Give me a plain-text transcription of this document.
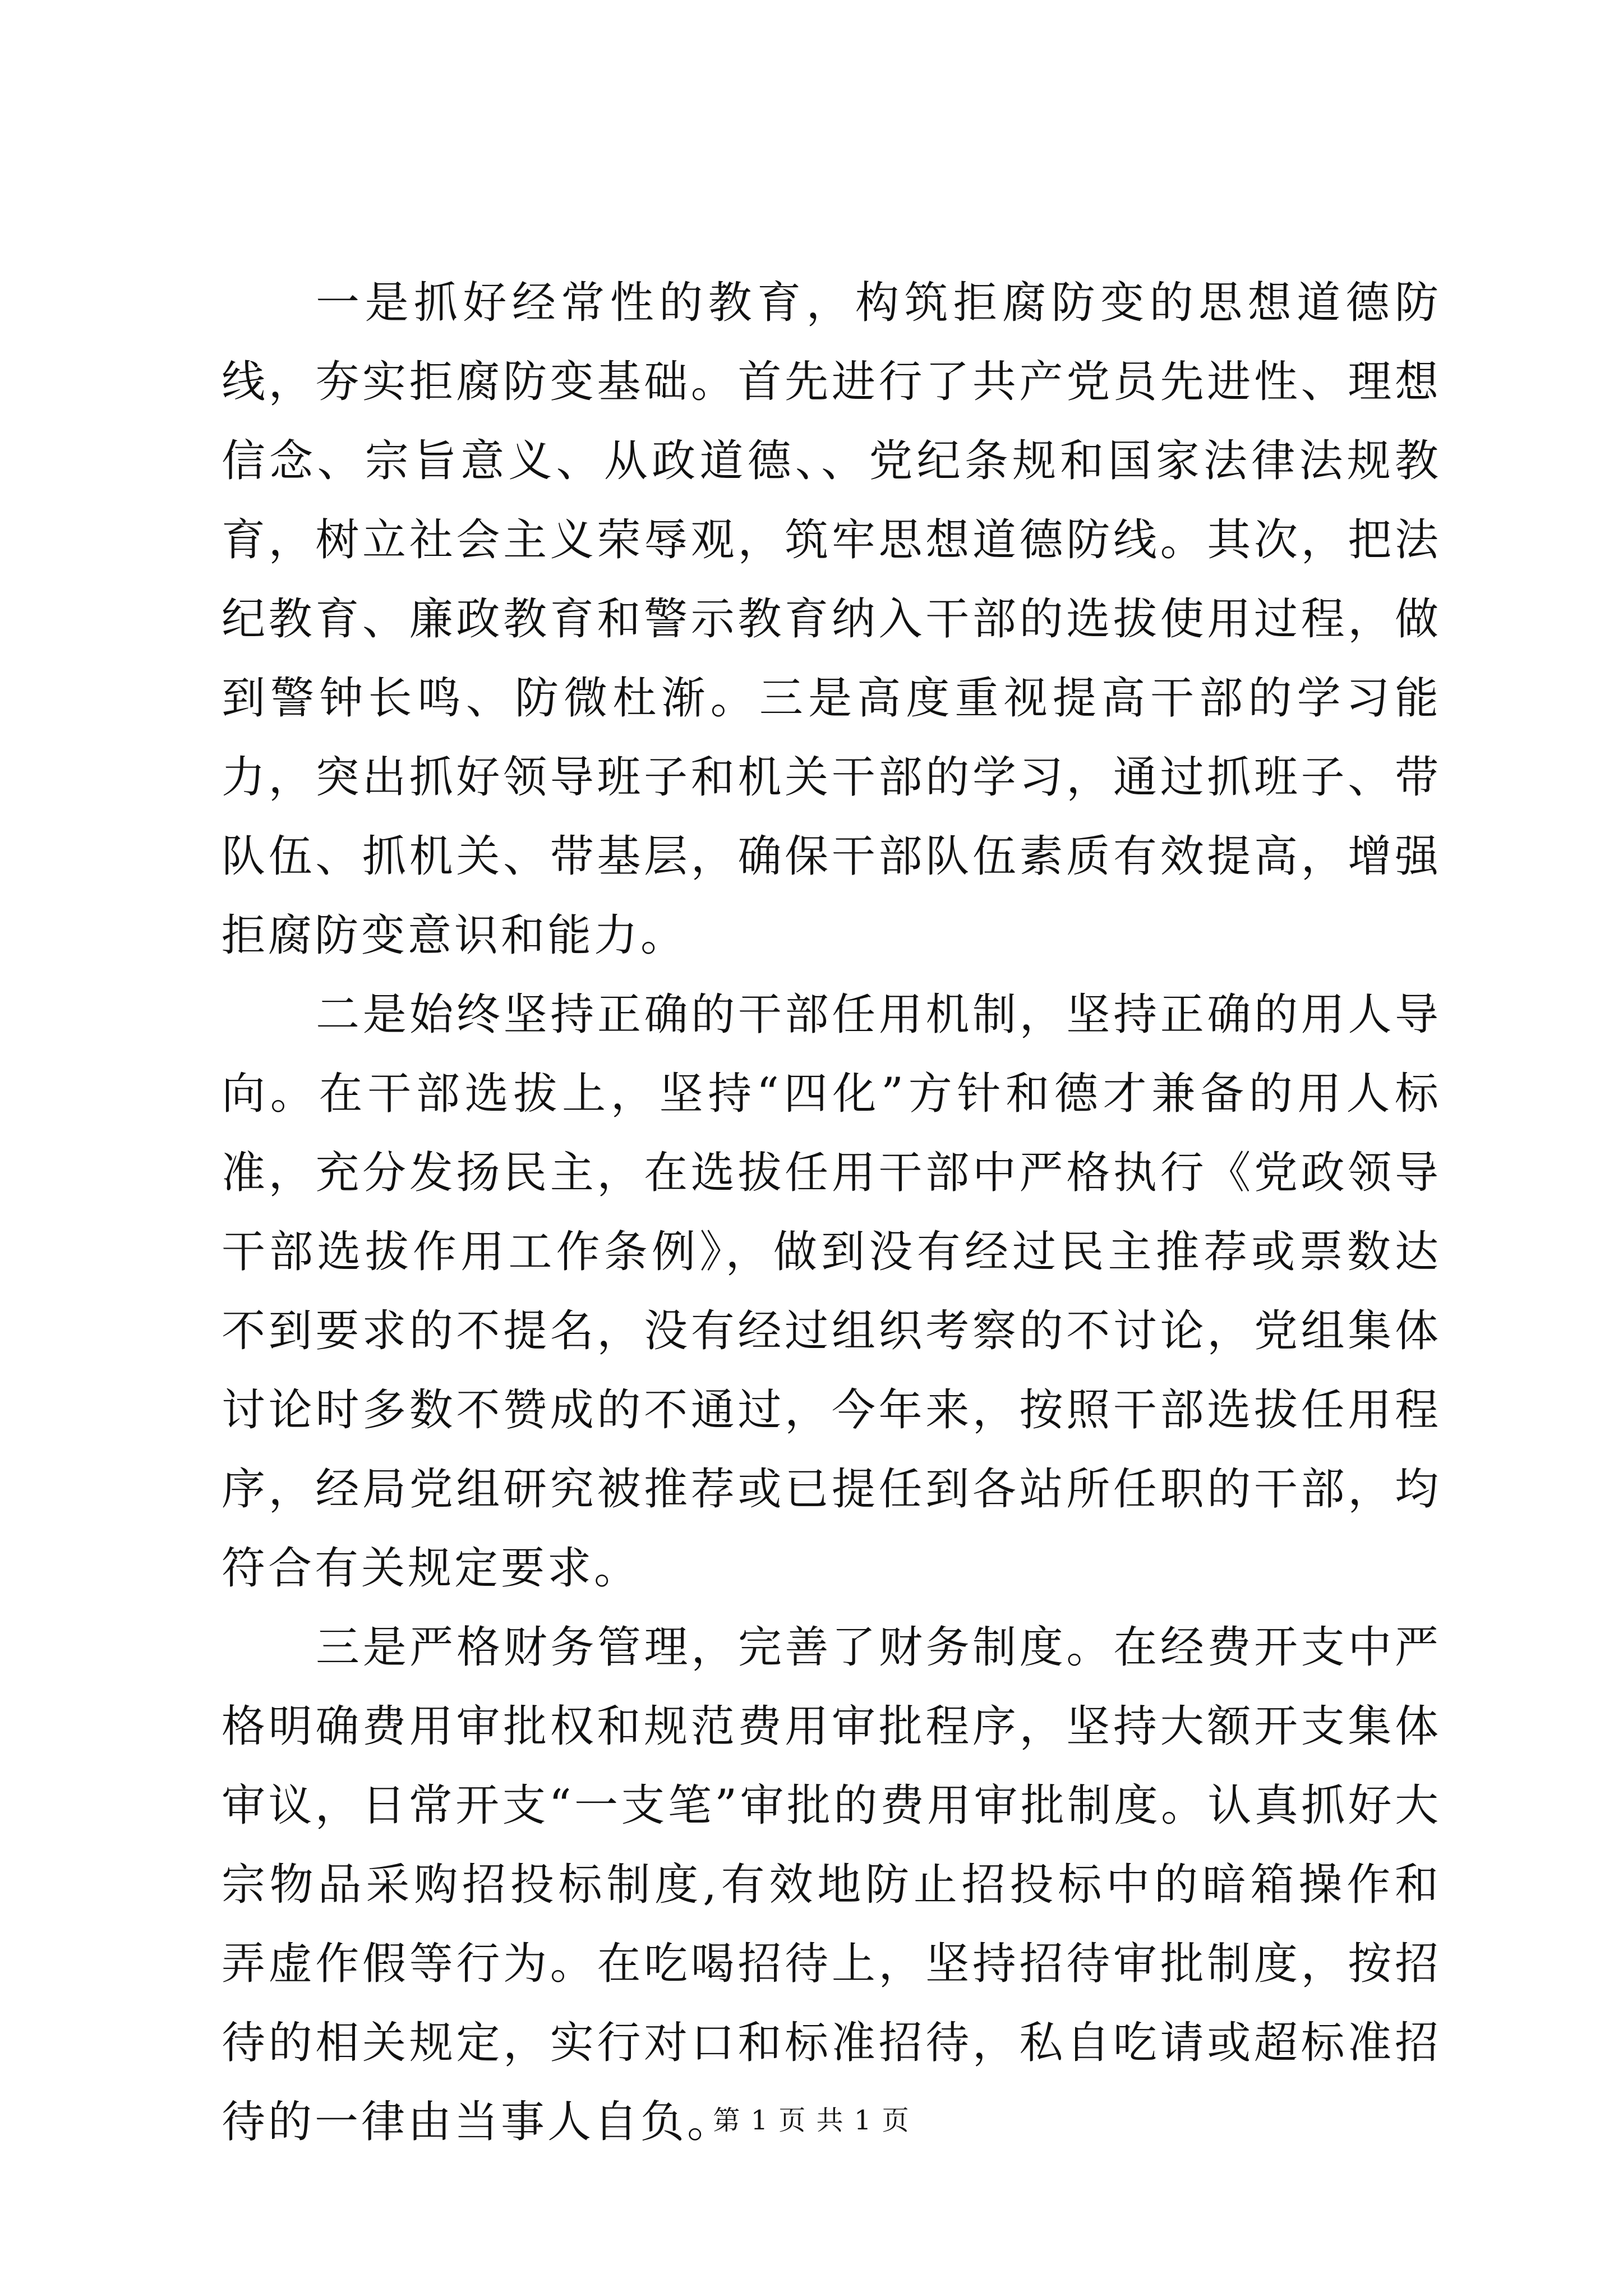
一是抓好经常性的教育，构筑拒腐防变的思想道德防线，夯实拒腐防变基础。首先进行了共产党员先进性、理想信念、宗旨意义、从政道德、、党纪条规和国家法律法规教育，树立社会主义荣辱观，筑牢思想道德防线。其次，把法纪教育、廉政教育和警示教育纳入干部的选拔使用过程，做到警钟长鸣、防微杜渐。三是高度重视提高干部的学习能力，突出抓好领导班子和机关干部的学习，通过抓班子、带队伍、抓机关、带基层，确保干部队伍素质有效提高，增强拒腐防变意识和能力。

二是始终坚持正确的干部任用机制，坚持正确的用人导向。在干部选拔上，坚持“四化”方针和德才兼备的用人标准，充分发扬民主，在选拔任用干部中严格执行《党政领导干部选拔作用工作条例》，做到没有经过民主推荐或票数达不到要求的不提名，没有经过组织考察的不讨论，党组集体讨论时多数不赞成的不通过，今年来，按照干部选拔任用程序，经局党组研究被推荐或已提任到各站所任职的干部，均符合有关规定要求。

三是严格财务管理，完善了财务制度。在经费开支中严格明确费用审批权和规范费用审批程序，坚持大额开支集体审议，日常开支“一支笔”审批的费用审批制度。认真抓好大宗物品采购招投标制度,有效地防止招投标中的暗箱操作和弄虚作假等行为。在吃喝招待上，坚持招待审批制度，按招待的相关规定，实行对口和标准招待，私自吃请或超标准招待的一律由当事人自负。

第 1 页 共 1 页
